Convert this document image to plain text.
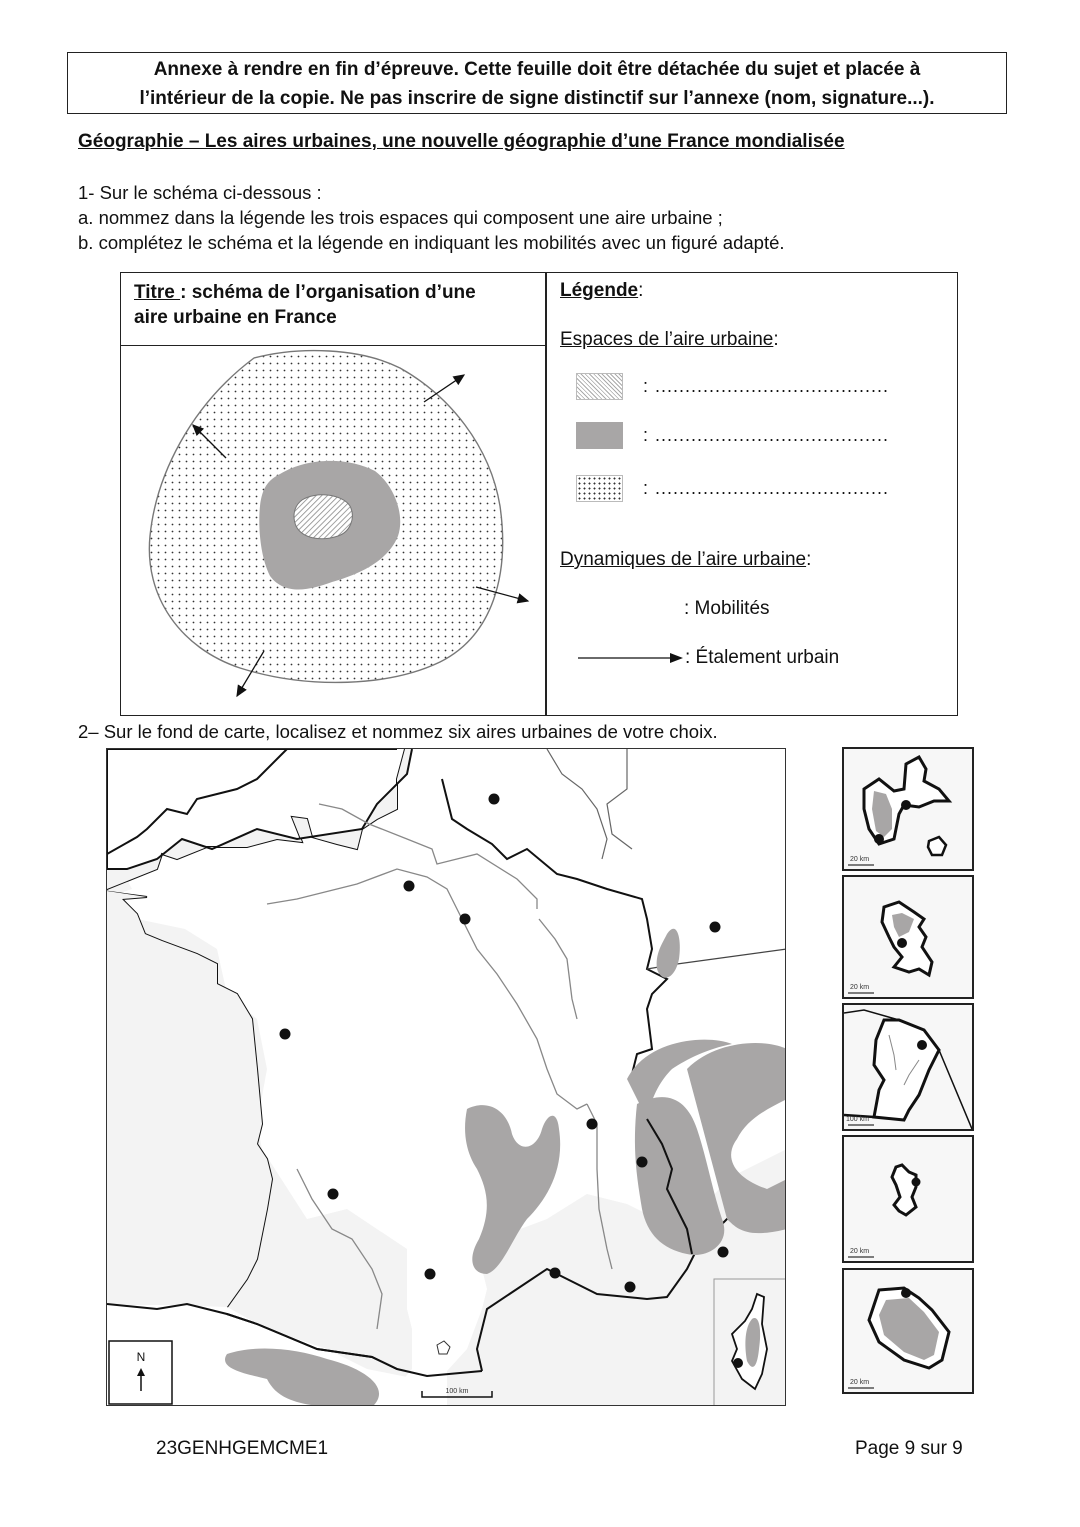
Annexe à rendre en fin d’épreuve. Cette feuille doit être détachée du sujet et placée à
l’intérieur de la copie. Ne pas inscrire de signe distinctif sur l’annexe (nom, signature...).
Géographie – Les aires urbaines, une nouvelle géographie d’une France mondialisée
1- Sur le schéma ci-dessous :
a. nommez dans la légende les trois espaces qui composent une aire urbaine ;
b. complétez le schéma et la légende en indiquant les mobilités avec un figuré adapté.
Titre : schéma de l’organisation d’une
aire urbaine en France
Légende :
Espaces de l’aire urbaine :
: .......................................
: .......................................
: .......................................
Dynamiques de l’aire urbaine :
: Mobilités
: Étalement urbain
2– Sur le fond de carte, localisez et nommez six aires urbaines de votre choix.
N
100 km
20 km
20 km
100 km
20 km
20 km
23GENHGEMCME1	Page 9 sur 9
